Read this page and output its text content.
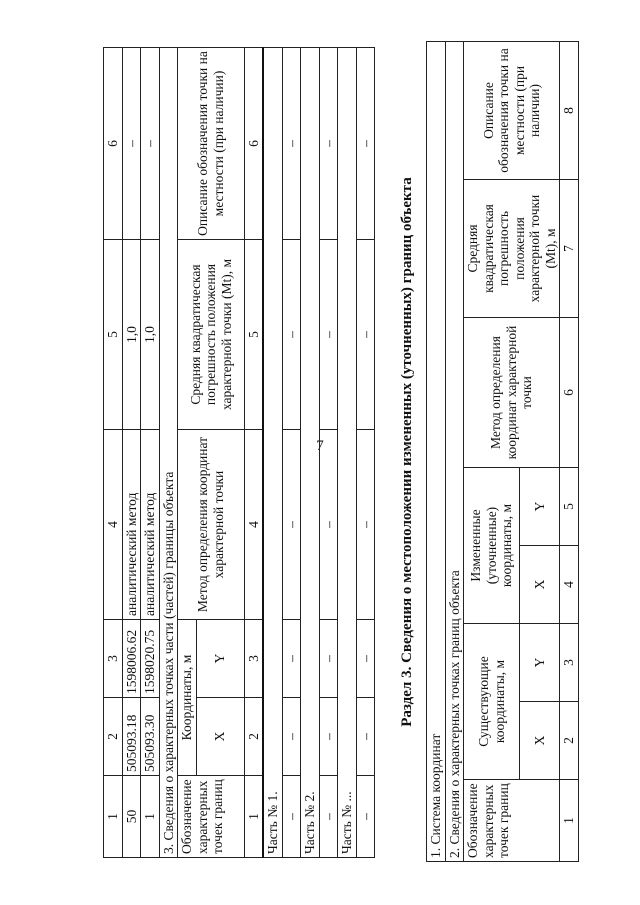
7
1	2	3	4	5	6
50	505093.18	1598006.62	аналитический метод	1,0	–
1	505093.30	1598020.75	аналитический метод	1,0	–
3. Сведения о характерных точках части (частей) границы объекта					
Обозначение характерных точек границ	Координаты, м		Метод определения координат характерной точки	Средняя квадратическая погрешность положения характерной точки (Mt), м	Описание обозначения точки на местности (при наличии)
	X	Y			
1	2	3	4	5	6
Часть № 1.					
–	–	–	–	–	–
Часть № 2.					
–	–	–	–	–	–
Часть № ...					
–	–	–	–	–	–
Раздел 3. Сведения о местоположении измененных (уточненных) границ объекта
1. Система координат							
2. Сведения о характерных точках границ объекта							
Обозначение характерных точек границ	Существующие координаты, м		Измененные (уточненные) координаты, м		Метод определения координат характерной точки	Средняя квадратическая погрешность положения характерной точки (Mt), м	Описание обозначения точки на местности (при наличии)
	X	Y	X	Y			
1	2	3	4	5	6	7	8
